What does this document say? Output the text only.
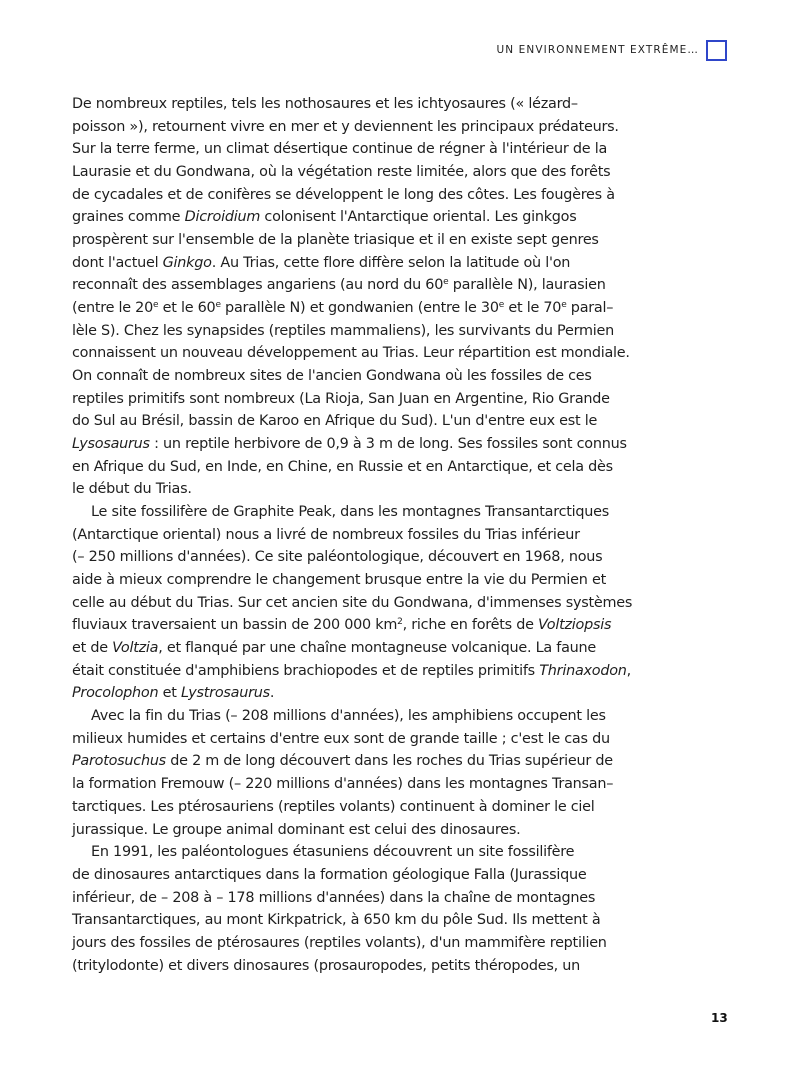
UN ENVIRONNEMENT EXTRÊME…
De nombreux reptiles, tels les nothosaures et les ichtyosaures (« lézard–
poisson »), retournent vivre en mer et y deviennent les principaux prédateurs.
Sur la terre ferme, un climat désertique continue de régner à l'intérieur de la
Laurasie et du Gondwana, où la végétation reste limitée, alors que des forêts
de cycadales et de conifères se développent le long des côtes. Les fougères à
graines comme Dicroidium colonisent l'Antarctique oriental. Les ginkgos
prospèrent sur l'ensemble de la planète triasique et il en existe sept genres
dont l'actuel Ginkgo. Au Trias, cette flore diffère selon la latitude où l'on
reconnaît des assemblages angariens (au nord du 60e parallèle N), laurasien
(entre le 20e et le 60e parallèle N) et gondwanien (entre le 30e et le 70e paral–
lèle S). Chez les synapsides (reptiles mammaliens), les survivants du Permien
connaissent un nouveau développement au Trias. Leur répartition est mondiale.
On connaît de nombreux sites de l'ancien Gondwana où les fossiles de ces
reptiles primitifs sont nombreux (La Rioja, San Juan en Argentine, Rio Grande
do Sul au Brésil, bassin de Karoo en Afrique du Sud). L'un d'entre eux est le
Lysosaurus : un reptile herbivore de 0,9 à 3 m de long. Ses fossiles sont connus
en Afrique du Sud, en Inde, en Chine, en Russie et en Antarctique, et cela dès
le début du Trias.
Le site fossilifère de Graphite Peak, dans les montagnes Transantarctiques
(Antarctique oriental) nous a livré de nombreux fossiles du Trias inférieur
(– 250 millions d'années). Ce site paléontologique, découvert en 1968, nous
aide à mieux comprendre le changement brusque entre la vie du Permien et
celle au début du Trias. Sur cet ancien site du Gondwana, d'immenses systèmes
fluviaux traversaient un bassin de 200 000 $km^2$, riche en forêts de Voltziopsis
et de Voltzia, et flanqué par une chaîne montagneuse volcanique. La faune
était constituée d'amphibiens brachiopodes et de reptiles primitifs Thrinaxodon,
Procolophon et Lystrosaurus.
Avec la fin du Trias (– 208 millions d'années), les amphibiens occupent les
milieux humides et certains d'entre eux sont de grande taille ; c'est le cas du
Parotosuchus de 2 m de long découvert dans les roches du Trias supérieur de
la formation Fremouw (– 220 millions d'années) dans les montagnes Transan–
tarctiques. Les ptérosauriens (reptiles volants) continuent à dominer le ciel
jurassique. Le groupe animal dominant est celui des dinosaures.
En 1991, les paléontologues étasuniens découvrent un site fossilifère
de dinosaures antarctiques dans la formation géologique Falla (Jurassique
inférieur, de – 208 à – 178 millions d'années) dans la chaîne de montagnes
Transantarctiques, au mont Kirkpatrick, à 650 km du pôle Sud. Ils mettent à
jours des fossiles de ptérosaures (reptiles volants), d'un mammifère reptilien
(tritylodonte) et divers dinosaures (prosauropodes, petits théropodes, un
13
